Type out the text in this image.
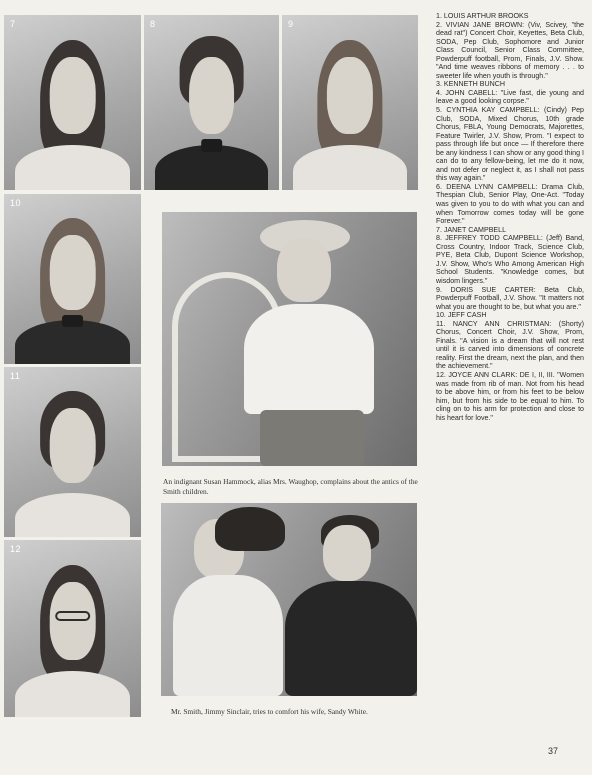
7	8	9
10
11
12
An indignant Susan Hammock, alias Mrs. Waughop, complains about the antics of the Smith children.
Mr. Smith, Jimmy Sinclair, tries to comfort his wife, Sandy White.

1. LOUIS ARTHUR BROOKS

2. VIVIAN JANE BROWN: (Viv, Scivey, "the dead rat") Concert Choir, Keyettes, Beta Club, SODA, Pep Club, Sophomore and Junior Class Council, Senior Class Committee, Powderpuff football, Prom, Finals, J.V. Show. "And time weaves ribbons of memory . . . to sweeter life when youth is through."

3. KENNETH BUNCH

4. JOHN CABELL: "Live fast, die young and leave a good looking corpse."

5. CYNTHIA KAY CAMPBELL: (Cindy) Pep Club, SODA, Mixed Chorus, 10th grade Chorus, FBLA, Young Democrats, Majorettes, Feature Twirler, J.V. Show, Prom. "I expect to pass through life but once — If therefore there be any kindness I can show or any good thing I can do to any fellow-being, let me do it now, and not defer or neglect it, as I shall not pass this way again."

6. DEENA LYNN CAMPBELL: Drama Club, Thespian Club, Senior Play, One-Act. "Today was given to you to do with what you can and when Tomorrow comes today will be gone Forever."

7. JANET CAMPBELL

8. JEFFREY TODD CAMPBELL: (Jeff) Band, Cross Country, Indoor Track, Science Club, PYE, Beta Club, Dupont Science Workshop, J.V. Show, Who's Who Among American High School Students. "Knowledge comes, but wisdom lingers."

9. DORIS SUE CARTER: Beta Club, Powderpuff Football, J.V. Show. "It matters not what you are thought to be, but what you are."

10. JEFF CASH

11. NANCY ANN CHRISTMAN: (Shorty) Chorus, Concert Choir, J.V. Show, Prom, Finals. "A vision is a dream that will not rest until it is carved into dimensions of concrete reality. First the dream, next the plan, and then the achievement."

12. JOYCE ANN CLARK: DE I, II, III. "Women was made from rib of man. Not from his head to be above him, or from his feet to be below him, but from his side to be equal to him. To cling on to his arm for protection and close to his heart for love."

37
